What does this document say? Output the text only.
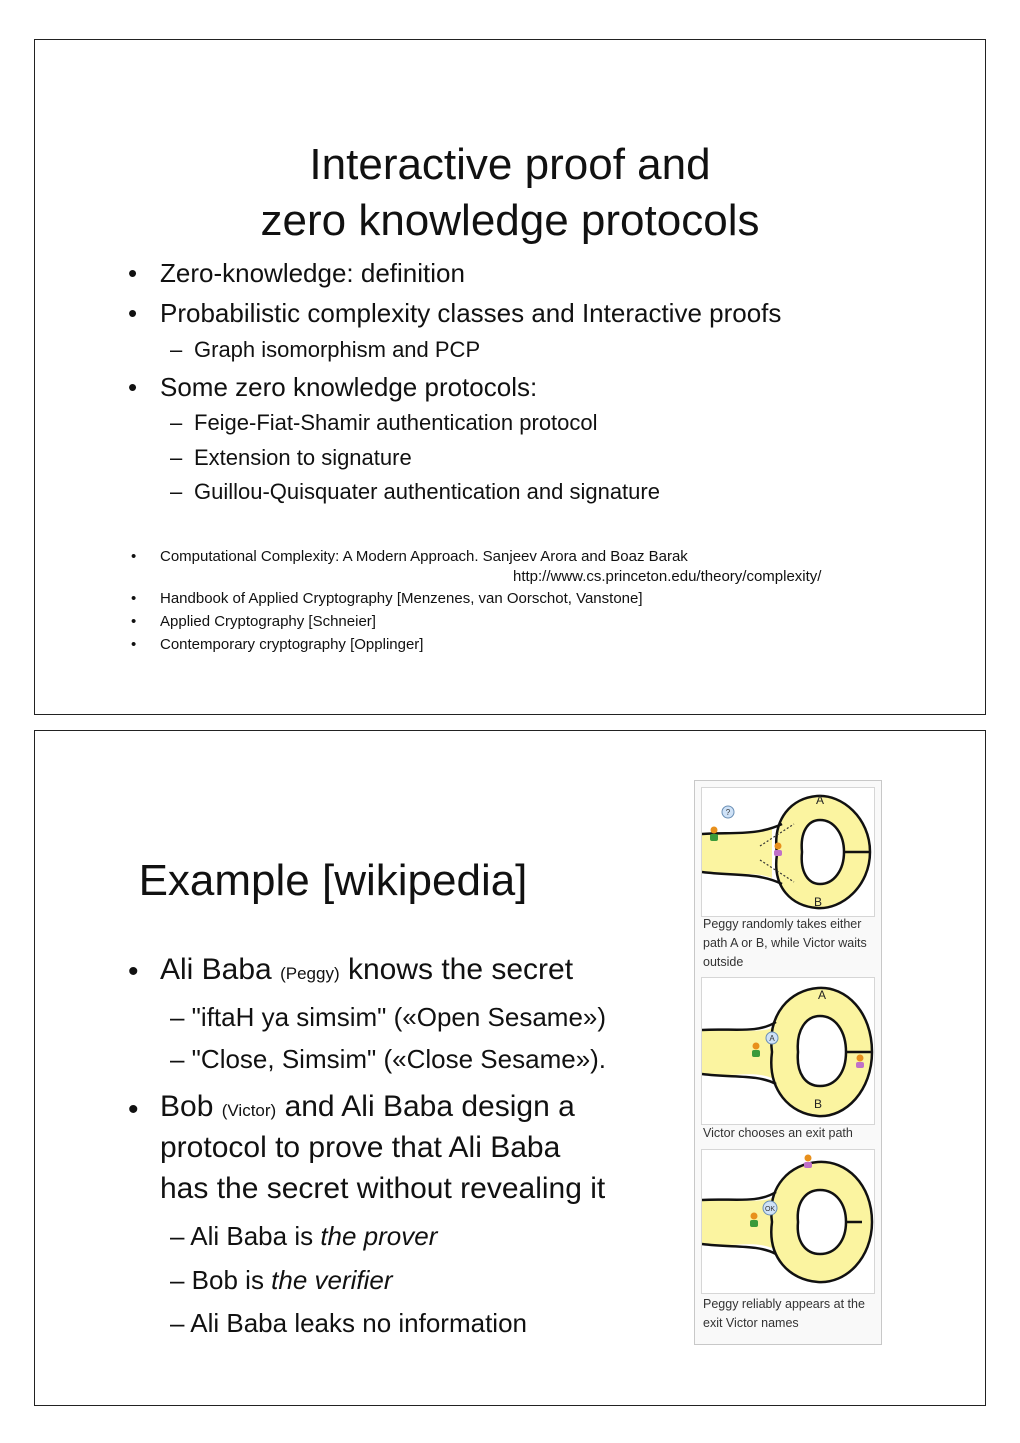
Interactive proof and
zero knowledge protocols
• Zero-knowledge: definition
• Probabilistic complexity classes and Interactive proofs
– Graph isomorphism and PCP
• Some zero knowledge protocols:
– Feige-Fiat-Shamir authentication protocol
– Extension to signature
– Guillou-Quisquater authentication and signature
• Computational Complexity: A Modern Approach. Sanjeev Arora and Boaz Barak
http://www.cs.princeton.edu/theory/complexity/
• Handbook of Applied Cryptography [Menzenes, van Oorschot, Vanstone]
• Applied Cryptography [Schneier]
• Contemporary cryptography [Opplinger]
Example [wikipedia]
• Ali Baba (Peggy) knows the secret
– "iftaH ya simsim" («Open Sesame»)
– "Close, Simsim" («Close Sesame»).
• Bob (Victor) and Ali Baba design a
protocol to prove that Ali Baba
has the secret without revealing it
– Ali Baba is the prover
– Bob is the verifier
– Ali Baba leaks no information
?
A
B
Peggy randomly takes either path A or B, while Victor waits outside
A
A
B
Victor chooses an exit path
OK
Peggy reliably appears at the exit Victor names
